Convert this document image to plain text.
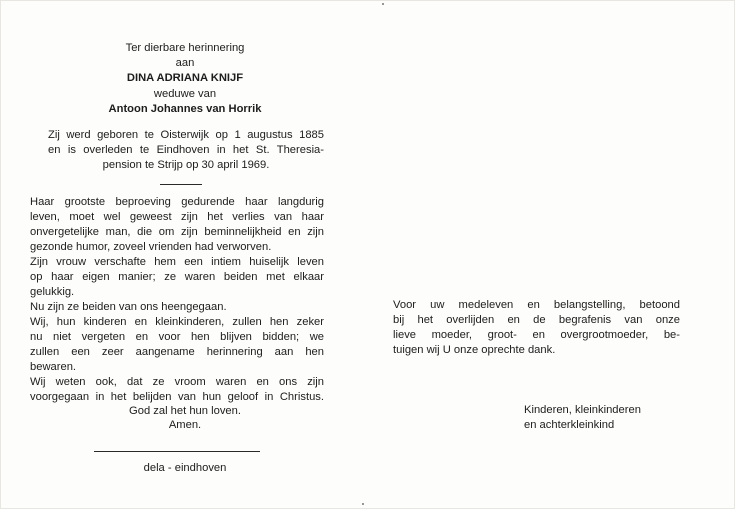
Ter dierbare herinnering
aan
DINA ADRIANA KNIJF
weduwe van
Antoon Johannes van Horrik
Zij werd geboren te Oisterwijk op 1 augustus 1885
en is overleden te Eindhoven in het St. Theresia-
pension te Strijp op 30 april 1969.
Haar grootste beproeving gedurende haar langdurig
leven, moet wel geweest zijn het verlies van haar
onvergetelijke man, die om zijn beminnelijkheid en zijn
gezonde humor, zoveel vrienden had verworven.
Zijn vrouw verschafte hem een intiem huiselijk leven
op haar eigen manier; ze waren beiden met elkaar
gelukkig.
Nu zijn ze beiden van ons heengegaan.
Wij, hun kinderen en kleinkinderen, zullen hen zeker
nu niet vergeten en voor hen blijven bidden; we
zullen een zeer aangename herinnering aan hen
bewaren.
Wij weten ook, dat ze vroom waren en ons zijn
voorgegaan in het belijden van hun geloof in Christus.
God zal het hun loven.
Amen.
dela - eindhoven
Voor uw medeleven en belangstelling, betoond
bij het overlijden en de begrafenis van onze
lieve moeder, groot- en overgrootmoeder, be-
tuigen wij U onze oprechte dank.
Kinderen, kleinkinderen
en achterkleinkind
